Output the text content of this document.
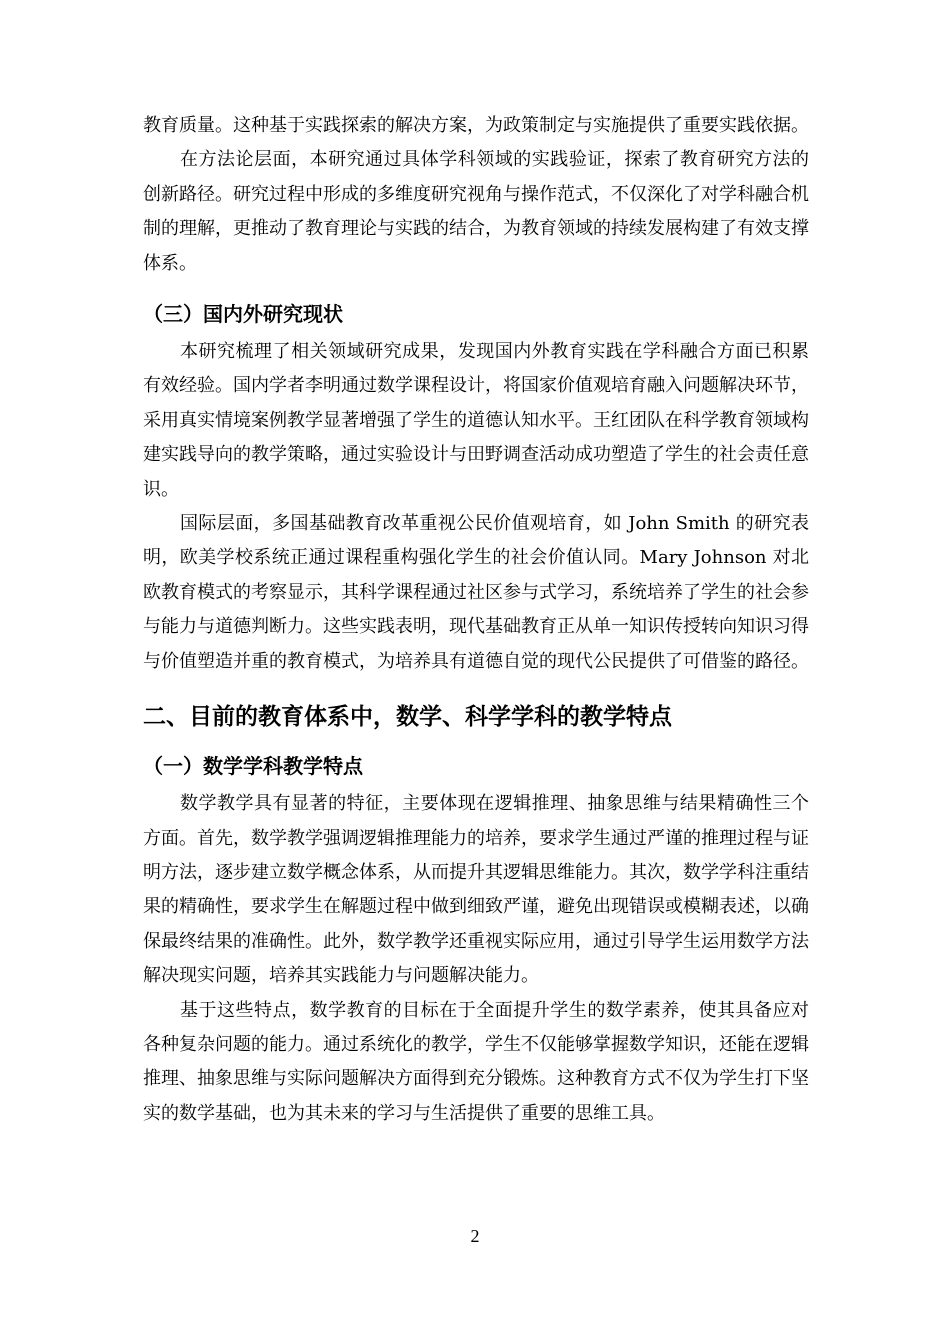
教育质量。这种基于实践探索的解决方案，为政策制定与实施提供了重要实践依据。

在方法论层面，本研究通过具体学科领域的实践验证，探索了教育研究方法的创新路径。研究过程中形成的多维度研究视角与操作范式，不仅深化了对学科融合机制的理解，更推动了教育理论与实践的结合，为教育领域的持续发展构建了有效支撑体系。

（三）国内外研究现状

本研究梳理了相关领域研究成果，发现国内外教育实践在学科融合方面已积累有效经验。国内学者李明通过数学课程设计，将国家价值观培育融入问题解决环节，采用真实情境案例教学显著增强了学生的道德认知水平。王红团队在科学教育领域构建实践导向的教学策略，通过实验设计与田野调查活动成功塑造了学生的社会责任意识。

国际层面，多国基础教育改革重视公民价值观培育，如 John Smith 的研究表明，欧美学校系统正通过课程重构强化学生的社会价值认同。Mary Johnson 对北欧教育模式的考察显示，其科学课程通过社区参与式学习，系统培养了学生的社会参与能力与道德判断力。这些实践表明，现代基础教育正从单一知识传授转向知识习得与价值塑造并重的教育模式，为培养具有道德自觉的现代公民提供了可借鉴的路径。

二、目前的教育体系中，数学、科学学科的教学特点
（一）数学学科教学特点

数学教学具有显著的特征，主要体现在逻辑推理、抽象思维与结果精确性三个方面。首先，数学教学强调逻辑推理能力的培养，要求学生通过严谨的推理过程与证明方法，逐步建立数学概念体系，从而提升其逻辑思维能力。其次，数学学科注重结果的精确性，要求学生在解题过程中做到细致严谨，避免出现错误或模糊表述，以确保最终结果的准确性。此外，数学教学还重视实际应用，通过引导学生运用数学方法解决现实问题，培养其实践能力与问题解决能力。

基于这些特点，数学教育的目标在于全面提升学生的数学素养，使其具备应对各种复杂问题的能力。通过系统化的教学，学生不仅能够掌握数学知识，还能在逻辑推理、抽象思维与实际问题解决方面得到充分锻炼。这种教育方式不仅为学生打下坚实的数学基础，也为其未来的学习与生活提供了重要的思维工具。

2
